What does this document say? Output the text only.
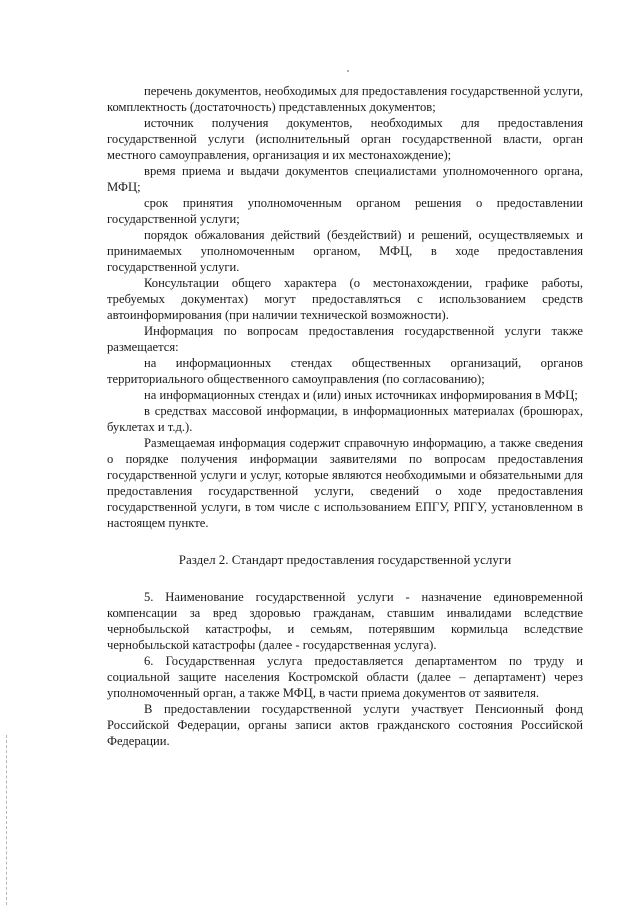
перечень документов, необходимых для предоставления государственной услуги, комплектность (достаточность) представленных документов;

источник получения документов, необходимых для предоставления государственной услуги (исполнительный орган государственной власти, орган местного самоуправления, организация и их местонахождение);

время приема и выдачи документов специалистами уполномоченного органа, МФЦ;

срок принятия уполномоченным органом решения о предоставлении государственной услуги;

порядок обжалования действий (бездействий) и решений, осуществляемых и принимаемых уполномоченным органом, МФЦ, в ходе предоставления государственной услуги.

Консультации общего характера (о местонахождении, графике работы, требуемых документах) могут предоставляться с использованием средств автоинформирования (при наличии технической возможности).

Информация по вопросам предоставления государственной услуги также размещается:

на информационных стендах общественных организаций, органов территориального общественного самоуправления (по согласованию);

на информационных стендах и (или) иных источниках информирования в МФЦ;

в средствах массовой информации, в информационных материалах (брошюрах, буклетах и т.д.).

Размещаемая информация содержит справочную информацию, а также сведения о порядке получения информации заявителями по вопросам предоставления государственной услуги и услуг, которые являются необходимыми и обязательными для предоставления государственной услуги, сведений о ходе предоставления государственной услуги, в том числе с использованием ЕПГУ, РПГУ, установленном в настоящем пункте.

Раздел 2. Стандарт предоставления государственной услуги

5. Наименование государственной услуги - назначение единовременной компенсации за вред здоровью гражданам, ставшим инвалидами вследствие чернобыльской катастрофы, и семьям, потерявшим кормильца вследствие чернобыльской катастрофы (далее - государственная услуга).

6. Государственная услуга предоставляется департаментом по труду и социальной защите населения Костромской области (далее – департамент) через уполномоченный орган, а также МФЦ, в части приема документов от заявителя.

В предоставлении государственной услуги участвует Пенсионный фонд Российской Федерации, органы записи актов гражданского состояния Российской Федерации.
